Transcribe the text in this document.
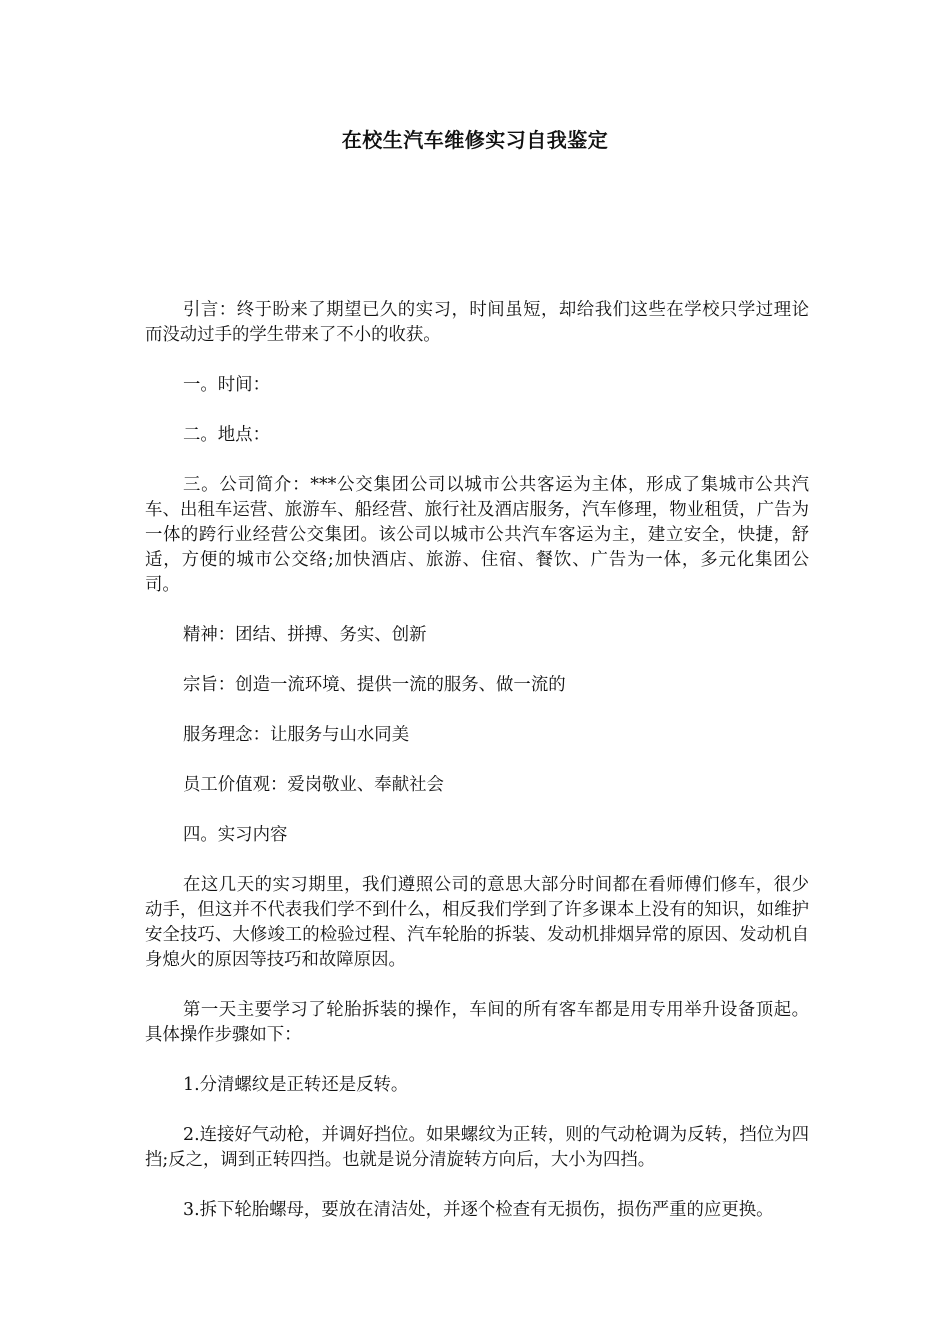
在校生汽车维修实习自我鉴定

引言：终于盼来了期望已久的实习，时间虽短，却给我们这些在学校只学过理论而没动过手的学生带来了不小的收获。

一。时间：

二。地点：

三。公司简介：***公交集团公司以城市公共客运为主体，形成了集城市公共汽车、出租车运营、旅游车、船经营、旅行社及酒店服务，汽车修理，物业租赁，广告为一体的跨行业经营公交集团。该公司以城市公共汽车客运为主，建立安全，快捷，舒适，方便的城市公交络;加快酒店、旅游、住宿、餐饮、广告为一体，多元化集团公司。

精神：团结、拼搏、务实、创新

宗旨：创造一流环境、提供一流的服务、做一流的

服务理念：让服务与山水同美

员工价值观：爱岗敬业、奉献社会

四。实习内容

在这几天的实习期里，我们遵照公司的意思大部分时间都在看师傅们修车，很少动手，但这并不代表我们学不到什么，相反我们学到了许多课本上没有的知识，如维护安全技巧、大修竣工的检验过程、汽车轮胎的拆装、发动机排烟异常的原因、发动机自身熄火的原因等技巧和故障原因。

第一天主要学习了轮胎拆装的操作，车间的所有客车都是用专用举升设备顶起。具体操作步骤如下：

1.分清螺纹是正转还是反转。

2.连接好气动枪，并调好挡位。如果螺纹为正转，则的气动枪调为反转，挡位为四挡;反之，调到正转四挡。也就是说分清旋转方向后，大小为四挡。

3.拆下轮胎螺母，要放在清洁处，并逐个检查有无损伤，损伤严重的应更换。
